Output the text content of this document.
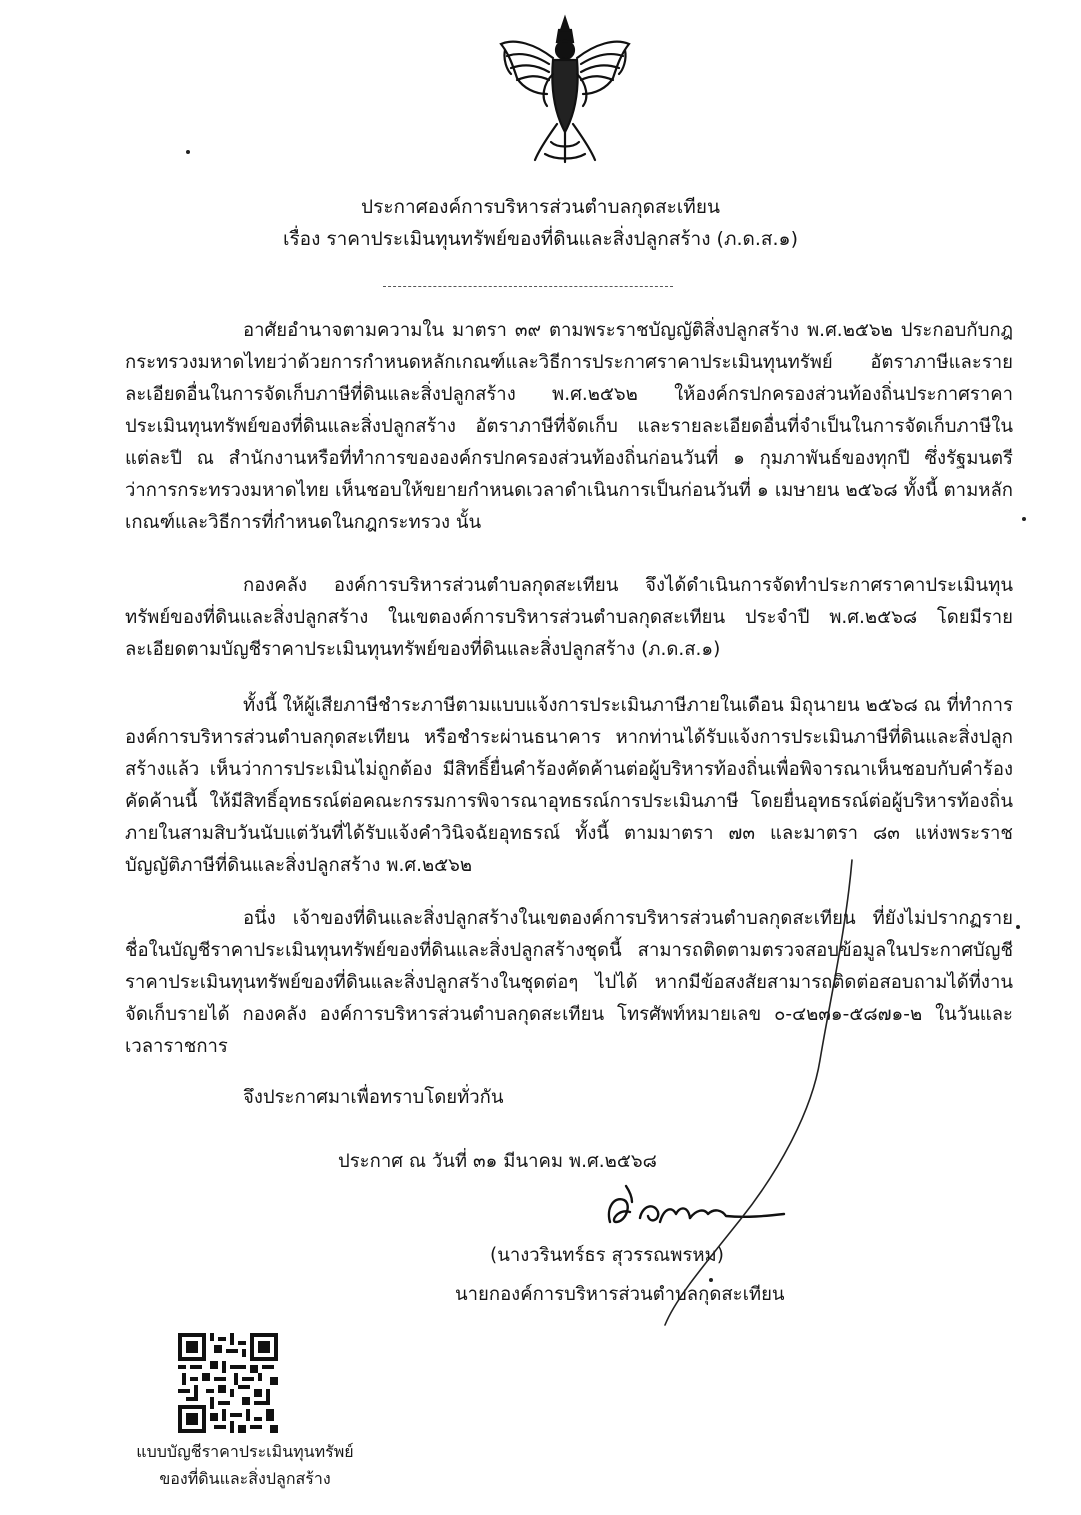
ประกาศองค์การบริหารส่วนตำบลกุดสะเทียน
เรื่อง ราคาประเมินทุนทรัพย์ของที่ดินและสิ่งปลูกสร้าง (ภ.ด.ส.๑)

อาศัยอำนาจตามความใน มาตรา ๓๙ ตามพระราชบัญญัติสิ่งปลูกสร้าง พ.ศ.๒๕๖๒ ประกอบกับกฎกระทรวงมหาดไทยว่าด้วยการกำหนดหลักเกณฑ์และวิธีการประกาศราคาประเมินทุนทรัพย์ อัตราภาษีและรายละเอียดอื่นในการจัดเก็บภาษีที่ดินและสิ่งปลูกสร้าง พ.ศ.๒๕๖๒ ให้องค์กรปกครองส่วนท้องถิ่นประกาศราคาประเมินทุนทรัพย์ของที่ดินและสิ่งปลูกสร้าง อัตราภาษีที่จัดเก็บ และรายละเอียดอื่นที่จำเป็นในการจัดเก็บภาษีในแต่ละปี ณ สำนักงานหรือที่ทำการขององค์กรปกครองส่วนท้องถิ่นก่อนวันที่ ๑ กุมภาพันธ์ของทุกปี ซึ่งรัฐมนตรีว่าการกระทรวงมหาดไทย เห็นชอบให้ขยายกำหนดเวลาดำเนินการเป็นก่อนวันที่ ๑ เมษายน ๒๕๖๘ ทั้งนี้ ตามหลักเกณฑ์และวิธีการที่กำหนดในกฎกระทรวง นั้น

กองคลัง องค์การบริหารส่วนตำบลกุดสะเทียน จึงได้ดำเนินการจัดทำประกาศราคาประเมินทุนทรัพย์ของที่ดินและสิ่งปลูกสร้าง ในเขตองค์การบริหารส่วนตำบลกุดสะเทียน ประจำปี พ.ศ.๒๕๖๘ โดยมีรายละเอียดตามบัญชีราคาประเมินทุนทรัพย์ของที่ดินและสิ่งปลูกสร้าง (ภ.ด.ส.๑)

ทั้งนี้ ให้ผู้เสียภาษีชำระภาษีตามแบบแจ้งการประเมินภาษีภายในเดือน มิถุนายน ๒๕๖๘ ณ ที่ทำการองค์การบริหารส่วนตำบลกุดสะเทียน หรือชำระผ่านธนาคาร หากท่านได้รับแจ้งการประเมินภาษีที่ดินและสิ่งปลูกสร้างแล้ว เห็นว่าการประเมินไม่ถูกต้อง มีสิทธิ์ยื่นคำร้องคัดค้านต่อผู้บริหารท้องถิ่นเพื่อพิจารณาเห็นชอบกับคำร้องคัดค้านนี้ ให้มีสิทธิ์อุทธรณ์ต่อคณะกรรมการพิจารณาอุทธรณ์การประเมินภาษี โดยยื่นอุทธรณ์ต่อผู้บริหารท้องถิ่นภายในสามสิบวันนับแต่วันที่ได้รับแจ้งคำวินิจฉัยอุทธรณ์ ทั้งนี้ ตามมาตรา ๗๓ และมาตรา ๘๓ แห่งพระราชบัญญัติภาษีที่ดินและสิ่งปลูกสร้าง พ.ศ.๒๕๖๒

อนึ่ง เจ้าของที่ดินและสิ่งปลูกสร้างในเขตองค์การบริหารส่วนตำบลกุดสะเทียน ที่ยังไม่ปรากฏรายชื่อในบัญชีราคาประเมินทุนทรัพย์ของที่ดินและสิ่งปลูกสร้างชุดนี้ สามารถติดตามตรวจสอบข้อมูลในประกาศบัญชีราคาประเมินทุนทรัพย์ของที่ดินและสิ่งปลูกสร้างในชุดต่อๆ ไปได้ หากมีข้อสงสัยสามารถติดต่อสอบถามได้ที่งานจัดเก็บรายได้ กองคลัง องค์การบริหารส่วนตำบลกุดสะเทียน โทรศัพท์หมายเลข ๐-๔๒๓๑-๕๘๗๑-๒ ในวันและเวลาราชการ

จึงประกาศมาเพื่อทราบโดยทั่วกัน
ประกาศ ณ วันที่ ๓๑ มีนาคม พ.ศ.๒๕๖๘
(นางวรินทร์ธร สุวรรณพรหม)
นายกองค์การบริหารส่วนตำบลกุดสะเทียน
แบบบัญชีราคาประเมินทุนทรัพย์
ของที่ดินและสิ่งปลูกสร้าง
